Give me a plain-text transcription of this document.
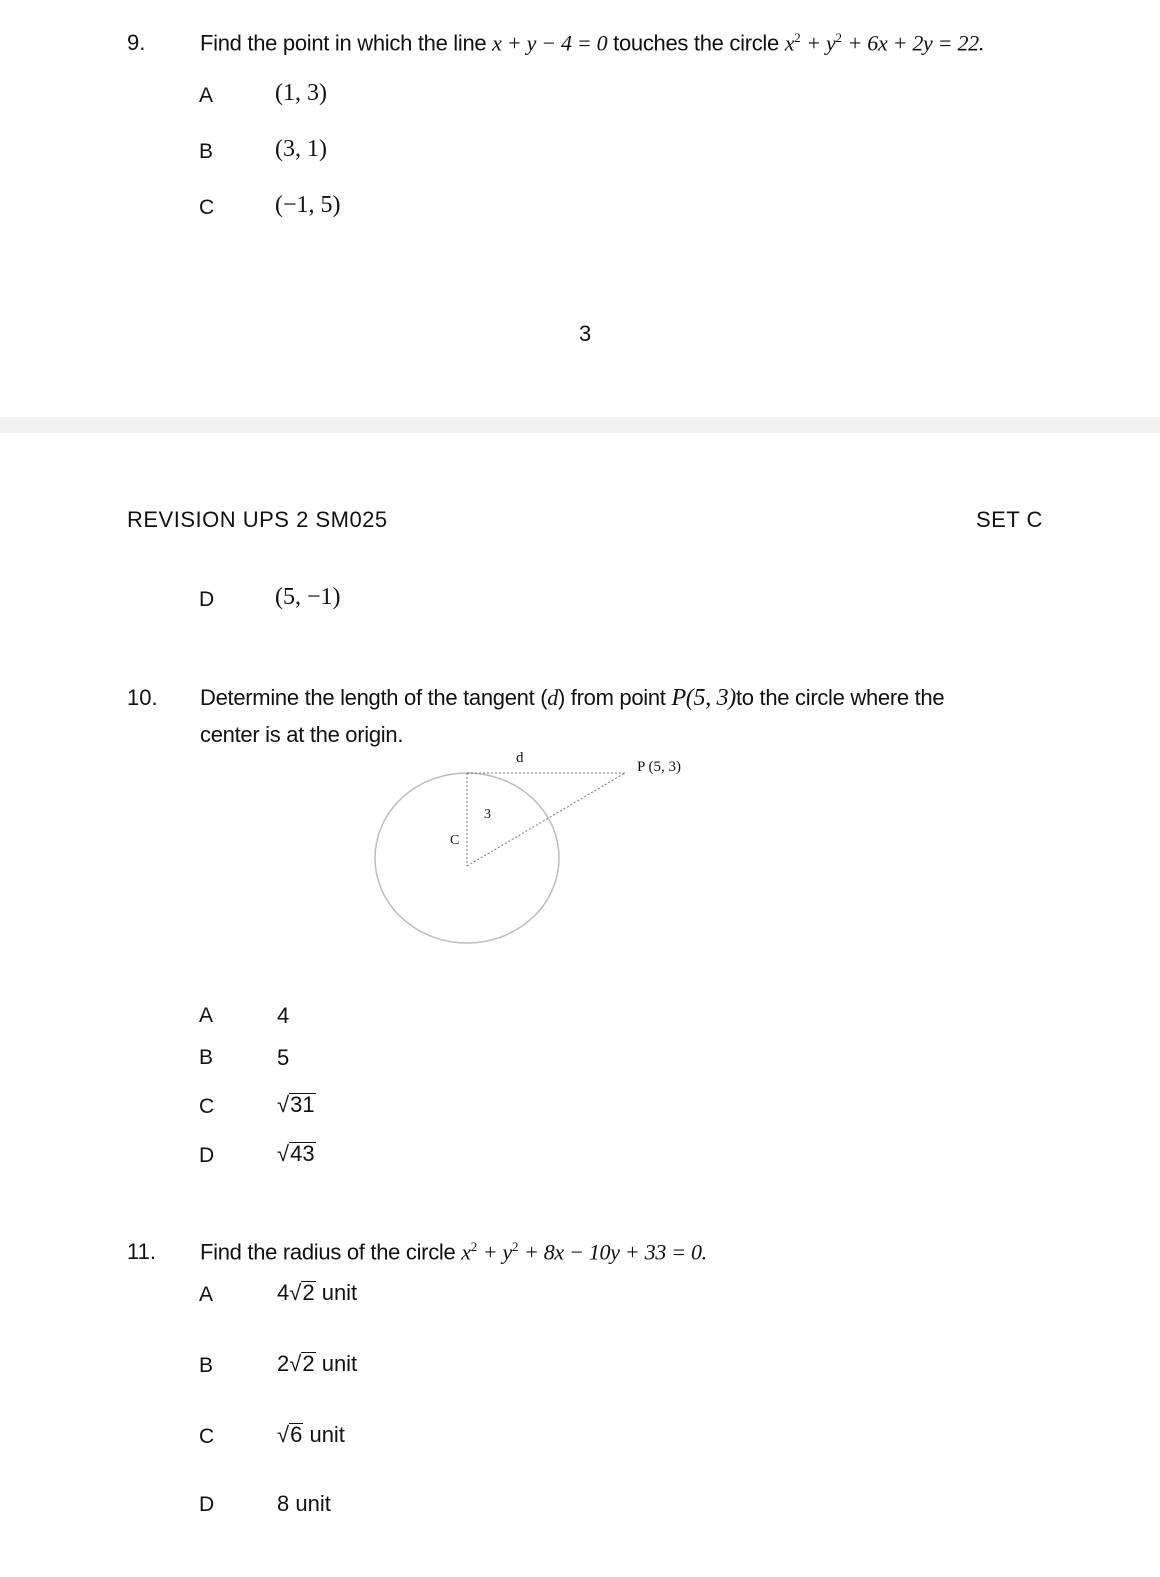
9. Find the point in which the line x + y − 4 = 0 touches the circle $x^2 + y^2 + 6x + 2y = 22$.
A	(1, 3)
B	(3, 1)
C	(−1, 5)
3
REVISION UPS 2 SM025	SET C
D	(5, −1)
10. Determine the length of the tangent (d) from point P(5, 3)to the circle where the
center is at the origin.
d
P (5, 3)
3
C
A	4
B	5
C	√31
D	√43
11. Find the radius of the circle $x^2 + y^2 + 8x - 10y + 33 = 0$.
A	4√2 unit
B	2√2 unit
C	√6 unit
D	8 unit
